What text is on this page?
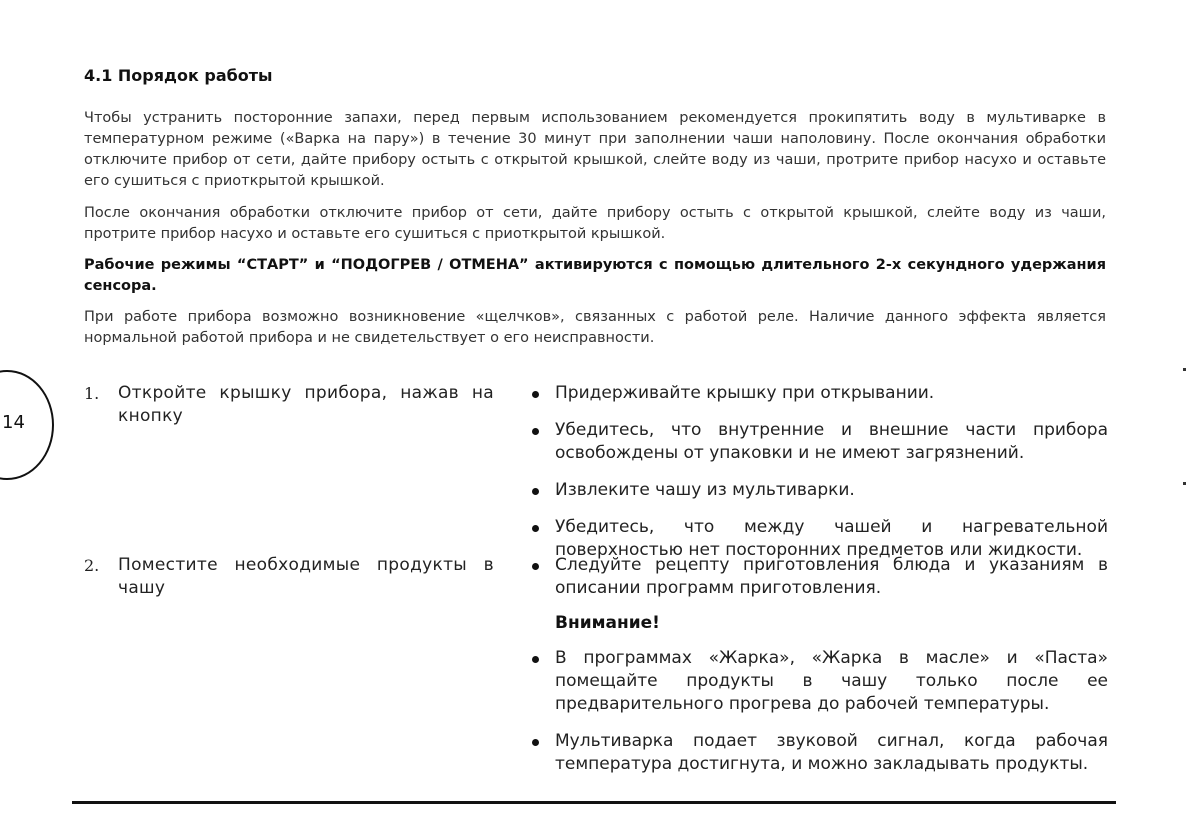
4.1 Порядок работы

Чтобы устранить посторонние запахи, перед первым использованием рекомендуется прокипятить воду в мультиварке в температурном режиме («Варка на пару») в течение 30 минут при заполнении чаши наполовину. После окончания обработки отключите прибор от сети, дайте прибору остыть с открытой крышкой, слейте воду из чаши, протрите прибор насухо и оставьте его сушиться с приоткрытой крышкой.

После окончания обработки отключите прибор от сети, дайте прибору остыть с открытой крышкой, слейте воду из чаши, протрите прибор насухо и оставьте его сушиться с приоткрытой крышкой.

Рабочие режимы “СТАРТ” и “ПОДОГРЕВ / ОТМЕНА” активируются с помощью длительного 2-х секундного удержания сенсора.

При работе прибора возможно возникновение «щелчков», связанных с работой реле. Наличие данного эффекта является нормальной работой прибора и не свидетельствует о его неисправности.

14
1. Откройте крышку прибора, нажав на кнопку
Придерживайте крышку при открывании.
Убедитесь, что внутренние и внешние части прибора освобождены от упаковки и не имеют загрязнений.
Извлеките чашу из мультиварки.
Убедитесь, что между чашей и нагревательной поверхностью нет посторонних предметов или жидкости.
2. Поместите необходимые продукты в чашу
Следуйте рецепту приготовления блюда и указаниям в описании программ приготовления.
Внимание!
В программах «Жарка», «Жарка в масле» и «Паста» помещайте продукты в чашу только после ее предварительного прогрева до рабочей температуры.
Мультиварка подает звуковой сигнал, когда рабочая температура достигнута, и можно закладывать продукты.
